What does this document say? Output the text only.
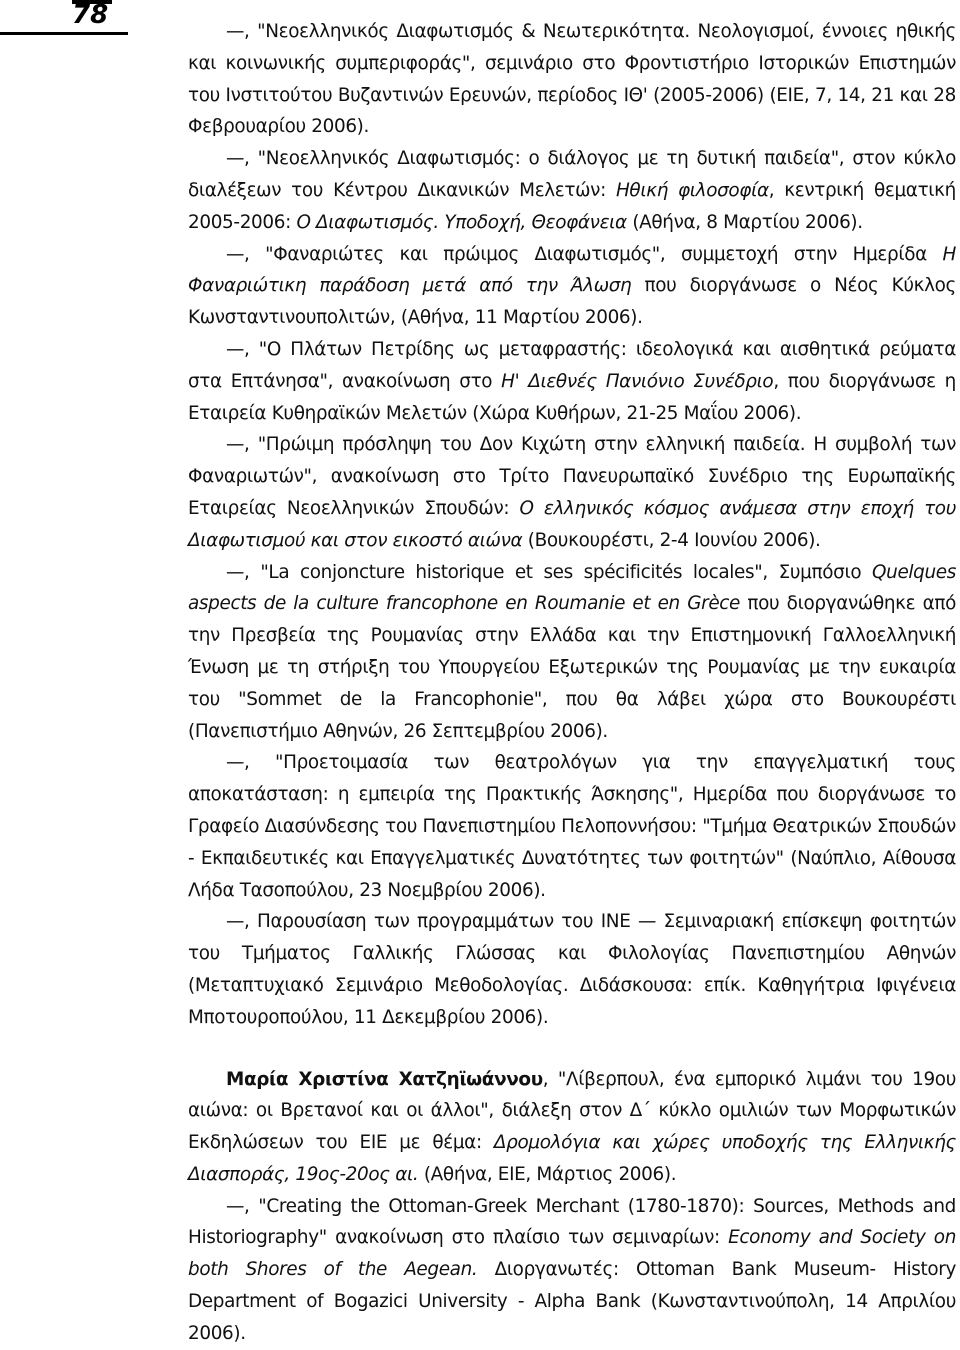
78

—, "Νεοελληνικός Διαφωτισμός & Νεωτερικότητα. Νεολογισμοί, έννοιες ηθικής και κοινωνικής συμπεριφοράς", σεμινάριο στο Φροντιστήριο Ιστορικών Επιστημών του Ινστιτούτου Βυζαντινών Ερευνών, περίοδος ΙΘ' (2005-2006) (ΕΙΕ, 7, 14, 21 και 28 Φεβρουαρίου 2006).

—, "Νεοελληνικός Διαφωτισμός: ο διάλογος με τη δυτική παιδεία", στον κύκλο διαλέξεων του Κέντρου Δικανικών Μελετών: Ηθική φιλοσοφία, κεντρική θεματική 2005-2006: Ο Διαφωτισμός. Υποδοχή, Θεοφάνεια (Αθήνα, 8 Μαρτίου 2006).

—, "Φαναριώτες και πρώιμος Διαφωτισμός", συμμετοχή στην Ημερίδα Η Φαναριώτικη παράδοση μετά από την Άλωση που διοργάνωσε ο Νέος Κύκλος Κωνσταντινουπολιτών, (Αθήνα, 11 Μαρτίου 2006).

—, "Ο Πλάτων Πετρίδης ως μεταφραστής: ιδεολογικά και αισθητικά ρεύματα στα Επτάνησα", ανακοίνωση στο Η' Διεθνές Πανιόνιο Συνέδριο, που διοργάνωσε η Εταιρεία Κυθηραϊκών Μελετών (Χώρα Κυθήρων, 21-25 Μαΐου 2006).

—, "Πρώιμη πρόσληψη του Δον Κιχώτη στην ελληνική παιδεία. Η συμβολή των Φαναριωτών", ανακοίνωση στο Τρίτο Πανευρωπαϊκό Συνέδριο της Ευρωπαϊκής Εταιρείας Νεοελληνικών Σπουδών: Ο ελληνικός κόσμος ανάμεσα στην εποχή του Διαφωτισμού και στον εικοστό αιώνα (Βουκουρέστι, 2-4 Ιουνίου 2006).

—, "La conjoncture historique et ses spécificités locales", Συμπόσιο Quelques aspects de la culture francophone en Roumanie et en Grèce που διοργανώθηκε από την Πρεσβεία της Ρουμανίας στην Ελλάδα και την Επιστημονική Γαλλοελληνική Ένωση με τη στήριξη του Υπουργείου Εξωτερικών της Ρουμανίας με την ευκαιρία του "Sommet de la Francophonie", που θα λάβει χώρα στο Βουκουρέστι (Πανεπιστήμιο Αθηνών, 26 Σεπτεμβρίου 2006).

—, "Προετοιμασία των θεατρολόγων για την επαγγελματική τους αποκατάσταση: η εμπειρία της Πρακτικής Άσκησης", Ημερίδα που διοργάνωσε το Γραφείο Διασύνδεσης του Πανεπιστημίου Πελοποννήσου: "Τμήμα Θεατρικών Σπουδών - Εκπαιδευτικές και Επαγγελματικές Δυνατότητες των φοιτητών" (Ναύπλιο, Αίθουσα Λήδα Τασοπούλου, 23 Νοεμβρίου 2006).

—, Παρουσίαση των προγραμμάτων του ΙΝΕ — Σεμιναριακή επίσκεψη φοιτητών του Τμήματος Γαλλικής Γλώσσας και Φιλολογίας Πανεπιστημίου Αθηνών (Μεταπτυχιακό Σεμινάριο Μεθοδολογίας. Διδάσκουσα: επίκ. Καθηγήτρια Ιφιγένεια Μποτουροπούλου, 11 Δεκεμβρίου 2006).

Μαρία Χριστίνα Χατζηϊωάννου, "Λίβερπουλ, ένα εμπορικό λιμάνι του 19ου αιώνα: οι Βρετανοί και οι άλλοι", διάλεξη στον Δ΄ κύκλο ομιλιών των Μορφωτικών Εκδηλώσεων του ΕΙΕ με θέμα: Δρομολόγια και χώρες υποδοχής της Ελληνικής Διασποράς, 19ος-20ος αι. (Αθήνα, ΕΙΕ, Μάρτιος 2006).

—, "Creating the Ottoman-Greek Merchant (1780-1870): Sources, Methods and Historiography" ανακοίνωση στο πλαίσιο των σεμιναρίων: Economy and Society on both Shores of the Aegean. Διοργανωτές: Ottoman Bank Museum- History Department of Bogazici University - Alpha Bank (Κωνσταντινούπολη, 14 Απριλίου 2006).
